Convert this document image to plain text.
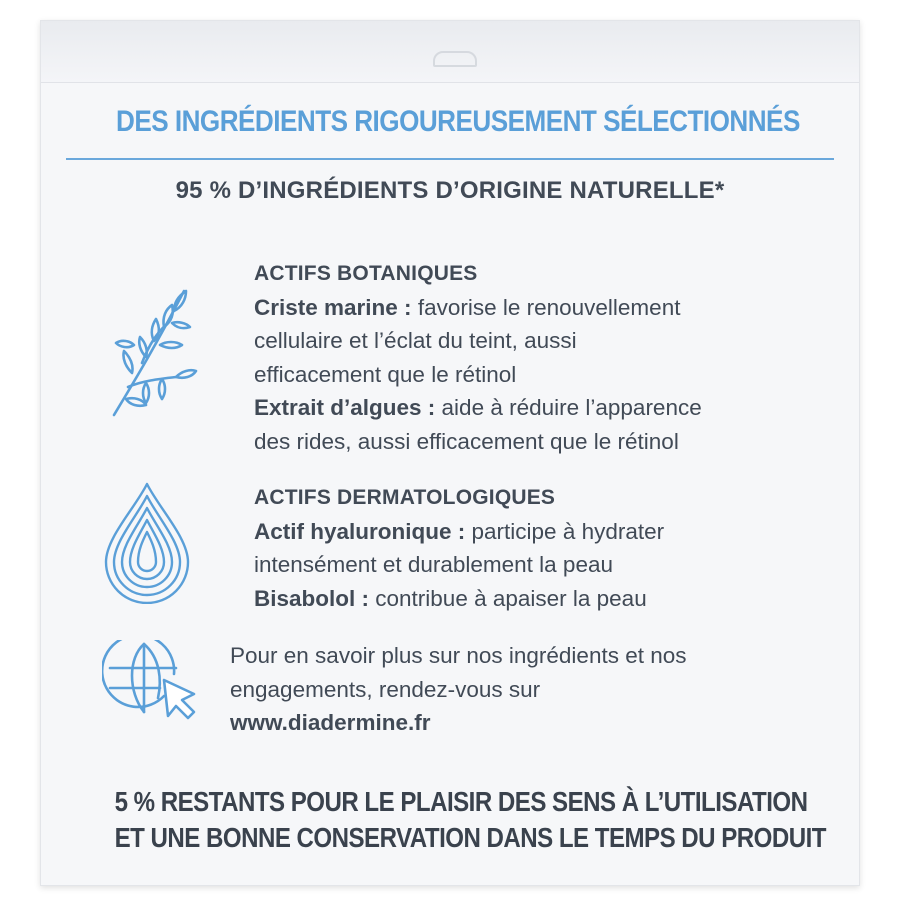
DES INGRÉDIENTS RIGOUREUSEMENT SÉLECTIONNÉS
95 % D’INGRÉDIENTS D’ORIGINE NATURELLE*
ACTIFS BOTANIQUES
Criste marine : favorise le renouvellement
cellulaire et l’éclat du teint, aussi
efficacement que le rétinol
Extrait d’algues : aide à réduire l’apparence
des rides, aussi efficacement que le rétinol
ACTIFS DERMATOLOGIQUES
Actif hyaluronique : participe à hydrater
intensément et durablement la peau
Bisabolol : contribue à apaiser la peau
Pour en savoir plus sur nos ingrédients et nos
engagements, rendez-vous sur
www.diadermine.fr
5 % RESTANTS POUR LE PLAISIR DES SENS À L’UTILISATION
ET UNE BONNE CONSERVATION DANS LE TEMPS DU PRODUIT
